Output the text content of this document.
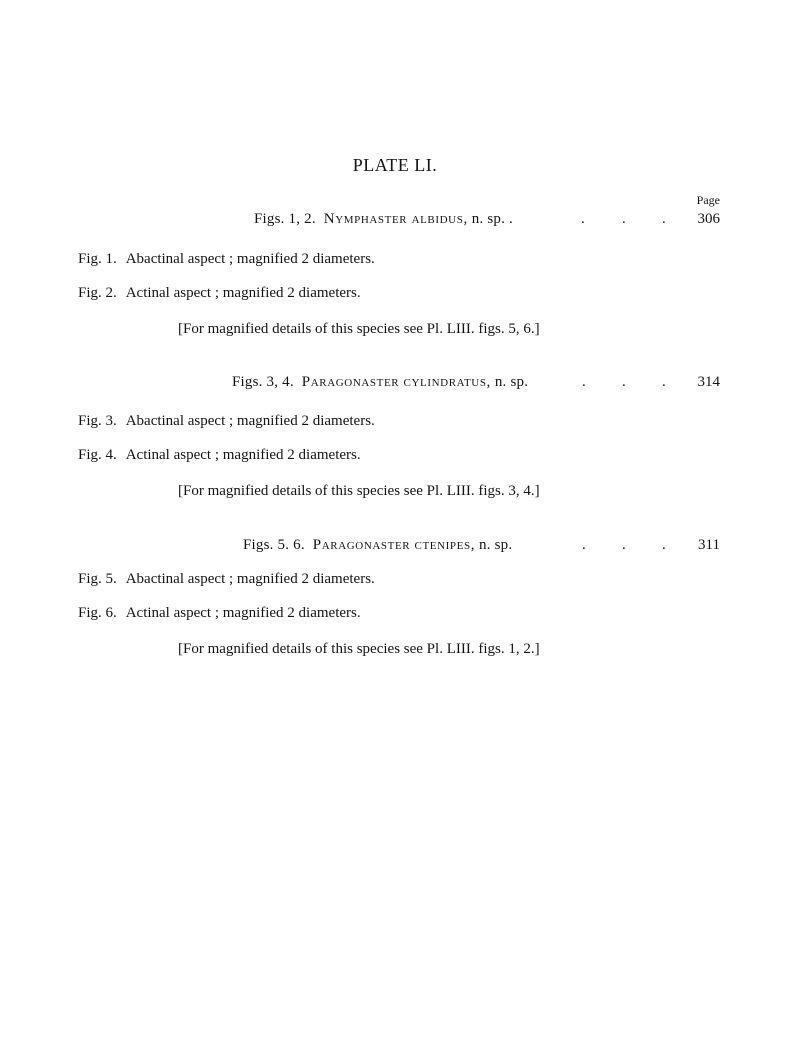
PLATE LI.
Page
Figs. 1, 2. Nymphaster albidus, n. sp. .	. . . 306
Fig. 1. Abactinal aspect ; magnified 2 diameters.
Fig. 2. Actinal aspect ; magnified 2 diameters.
[For magnified details of this species see Pl. LIII. figs. 5, 6.]
Figs. 3, 4. Paragonaster cylindratus, n. sp.	. . . 314
Fig. 3. Abactinal aspect ; magnified 2 diameters.
Fig. 4. Actinal aspect ; magnified 2 diameters.
[For magnified details of this species see Pl. LIII. figs. 3, 4.]
Figs. 5. 6. Paragonaster ctenipes, n. sp.	. . . 311
Fig. 5. Abactinal aspect ; magnified 2 diameters.
Fig. 6. Actinal aspect ; magnified 2 diameters.
[For magnified details of this species see Pl. LIII. figs. 1, 2.]
